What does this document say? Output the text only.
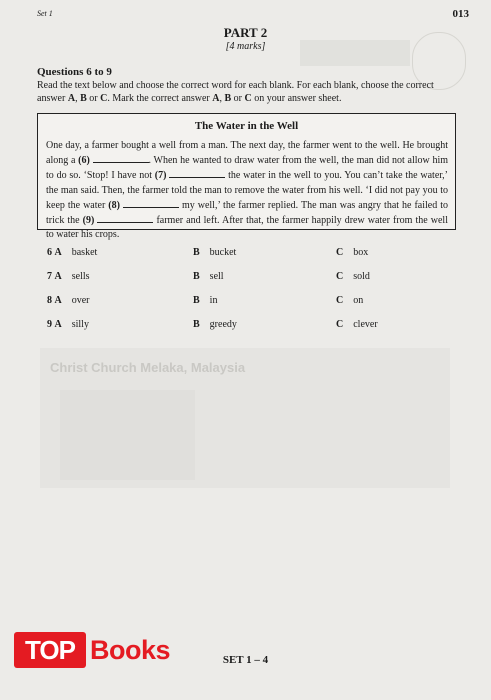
Christ Church Melaka, Malaysia
Set 1	013
PART 2
[4 marks]
Questions 6 to 9
Read the text below and choose the correct word for each blank. For each blank, choose the correct answer A, B or C. Mark the correct answer A, B or C on your answer sheet.
The Water in the Well
One day, a farmer bought a well from a man. The next day, the farmer went to the well. He brought along a (6)	. When he wanted to draw water from the well, the man did not allow him to do so. ‘Stop! I have not (7)	the water in the well to you. You can’t take the water,’ the man said. Then, the farmer told the man to remove the water from his well. ‘I did not pay you to keep the water (8)	my well,’ the farmer replied. The man was angry that he failed to trick the (9)	farmer and left. After that, the farmer happily drew water from the well to water his crops.
6 A basket	B bucket	C box
7 A sells	B sell	C sold
8 A over	B in	C on
9 A silly	B greedy	C clever
TOP Books	SET 1 – 4
